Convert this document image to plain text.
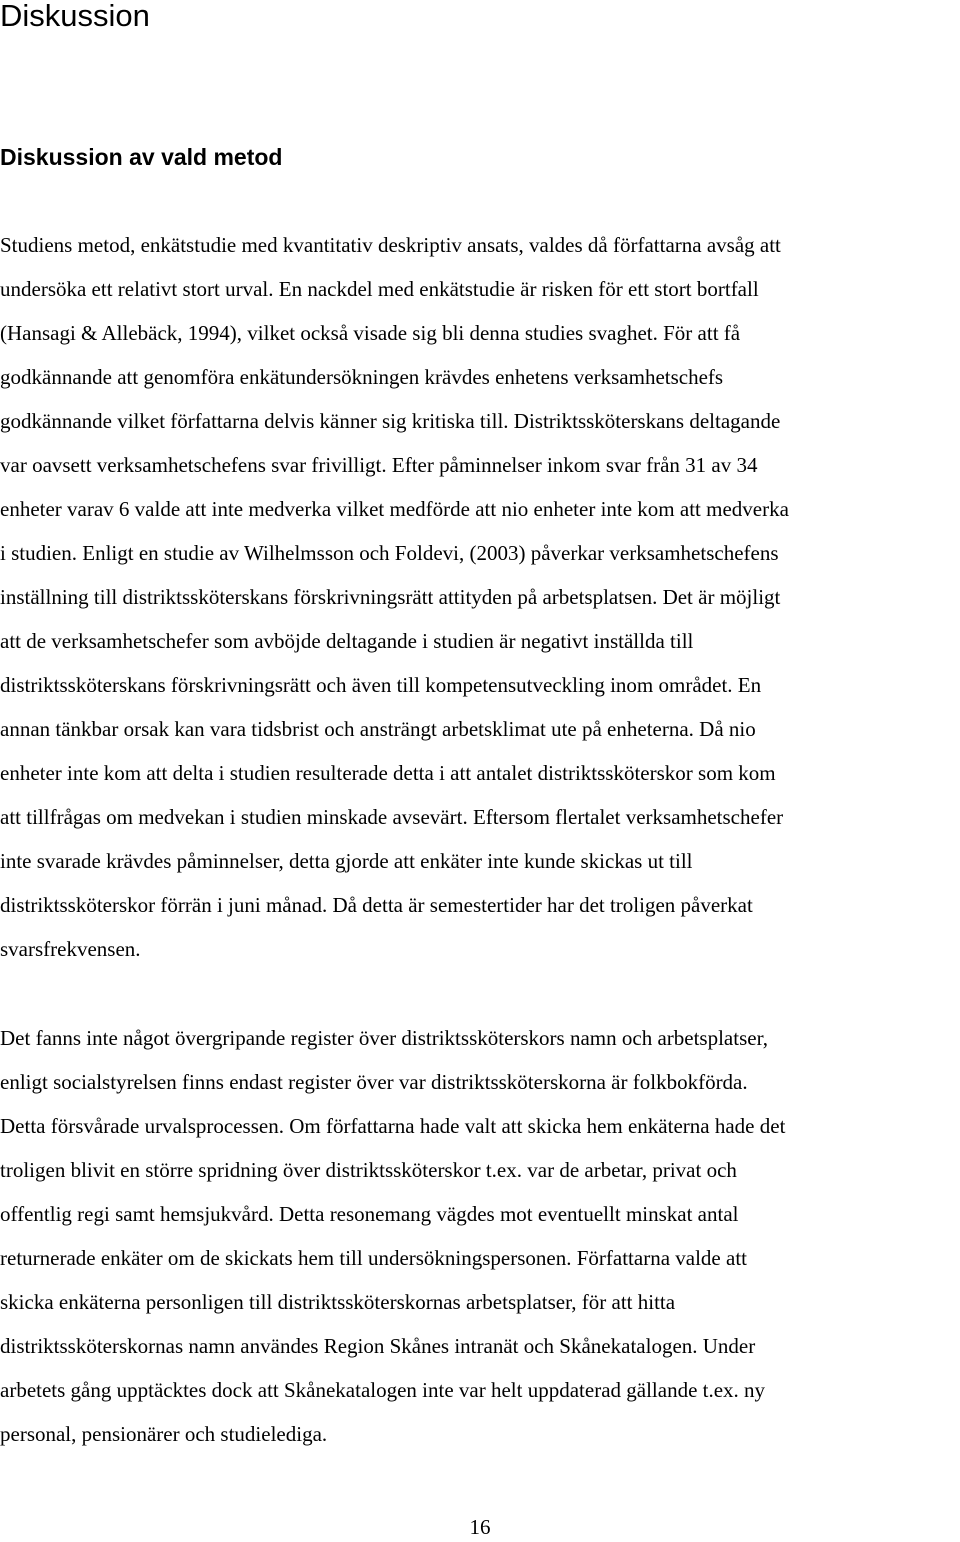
Diskussion
Diskussion av vald metod

Studiens metod, enkätstudie med kvantitativ deskriptiv ansats, valdes då författarna avsåg att
undersöka ett relativt stort urval. En nackdel med enkätstudie är risken för ett stort bortfall
(Hansagi & Allebäck, 1994), vilket också visade sig bli denna studies svaghet. För att få
godkännande att genomföra enkätundersökningen krävdes enhetens verksamhetschefs
godkännande vilket författarna delvis känner sig kritiska till. Distriktssköterskans deltagande
var oavsett verksamhetschefens svar frivilligt. Efter påminnelser inkom svar från 31 av 34
enheter varav 6 valde att inte medverka vilket medförde att nio enheter inte kom att medverka
i studien. Enligt en studie av Wilhelmsson och Foldevi, (2003) påverkar verksamhetschefens
inställning till distriktssköterskans förskrivningsrätt attityden på arbetsplatsen. Det är möjligt
att de verksamhetschefer som avböjde deltagande i studien är negativt inställda till
distriktssköterskans förskrivningsrätt och även till kompetensutveckling inom området. En
annan tänkbar orsak kan vara tidsbrist och ansträngt arbetsklimat ute på enheterna. Då nio
enheter inte kom att delta i studien resulterade detta i att antalet distriktssköterskor som kom
att tillfrågas om medvekan i studien minskade avsevärt. Eftersom flertalet verksamhetschefer
inte svarade krävdes påminnelser, detta gjorde att enkäter inte kunde skickas ut till
distriktssköterskor förrän i juni månad. Då detta är semestertider har det troligen påverkat
svarsfrekvensen.

Det fanns inte något övergripande register över distriktssköterskors namn och arbetsplatser,
enligt socialstyrelsen finns endast register över var distriktssköterskorna är folkbokförda.
Detta försvårade urvalsprocessen. Om författarna hade valt att skicka hem enkäterna hade det
troligen blivit en större spridning över distriktssköterskor t.ex. var de arbetar, privat och
offentlig regi samt hemsjukvård. Detta resonemang vägdes mot eventuellt minskat antal
returnerade enkäter om de skickats hem till undersökningspersonen. Författarna valde att
skicka enkäterna personligen till distriktssköterskornas arbetsplatser, för att hitta
distriktssköterskornas namn användes Region Skånes intranät och Skånekatalogen. Under
arbetets gång upptäcktes dock att Skånekatalogen inte var helt uppdaterad gällande t.ex. ny
personal, pensionärer och studielediga.

16
